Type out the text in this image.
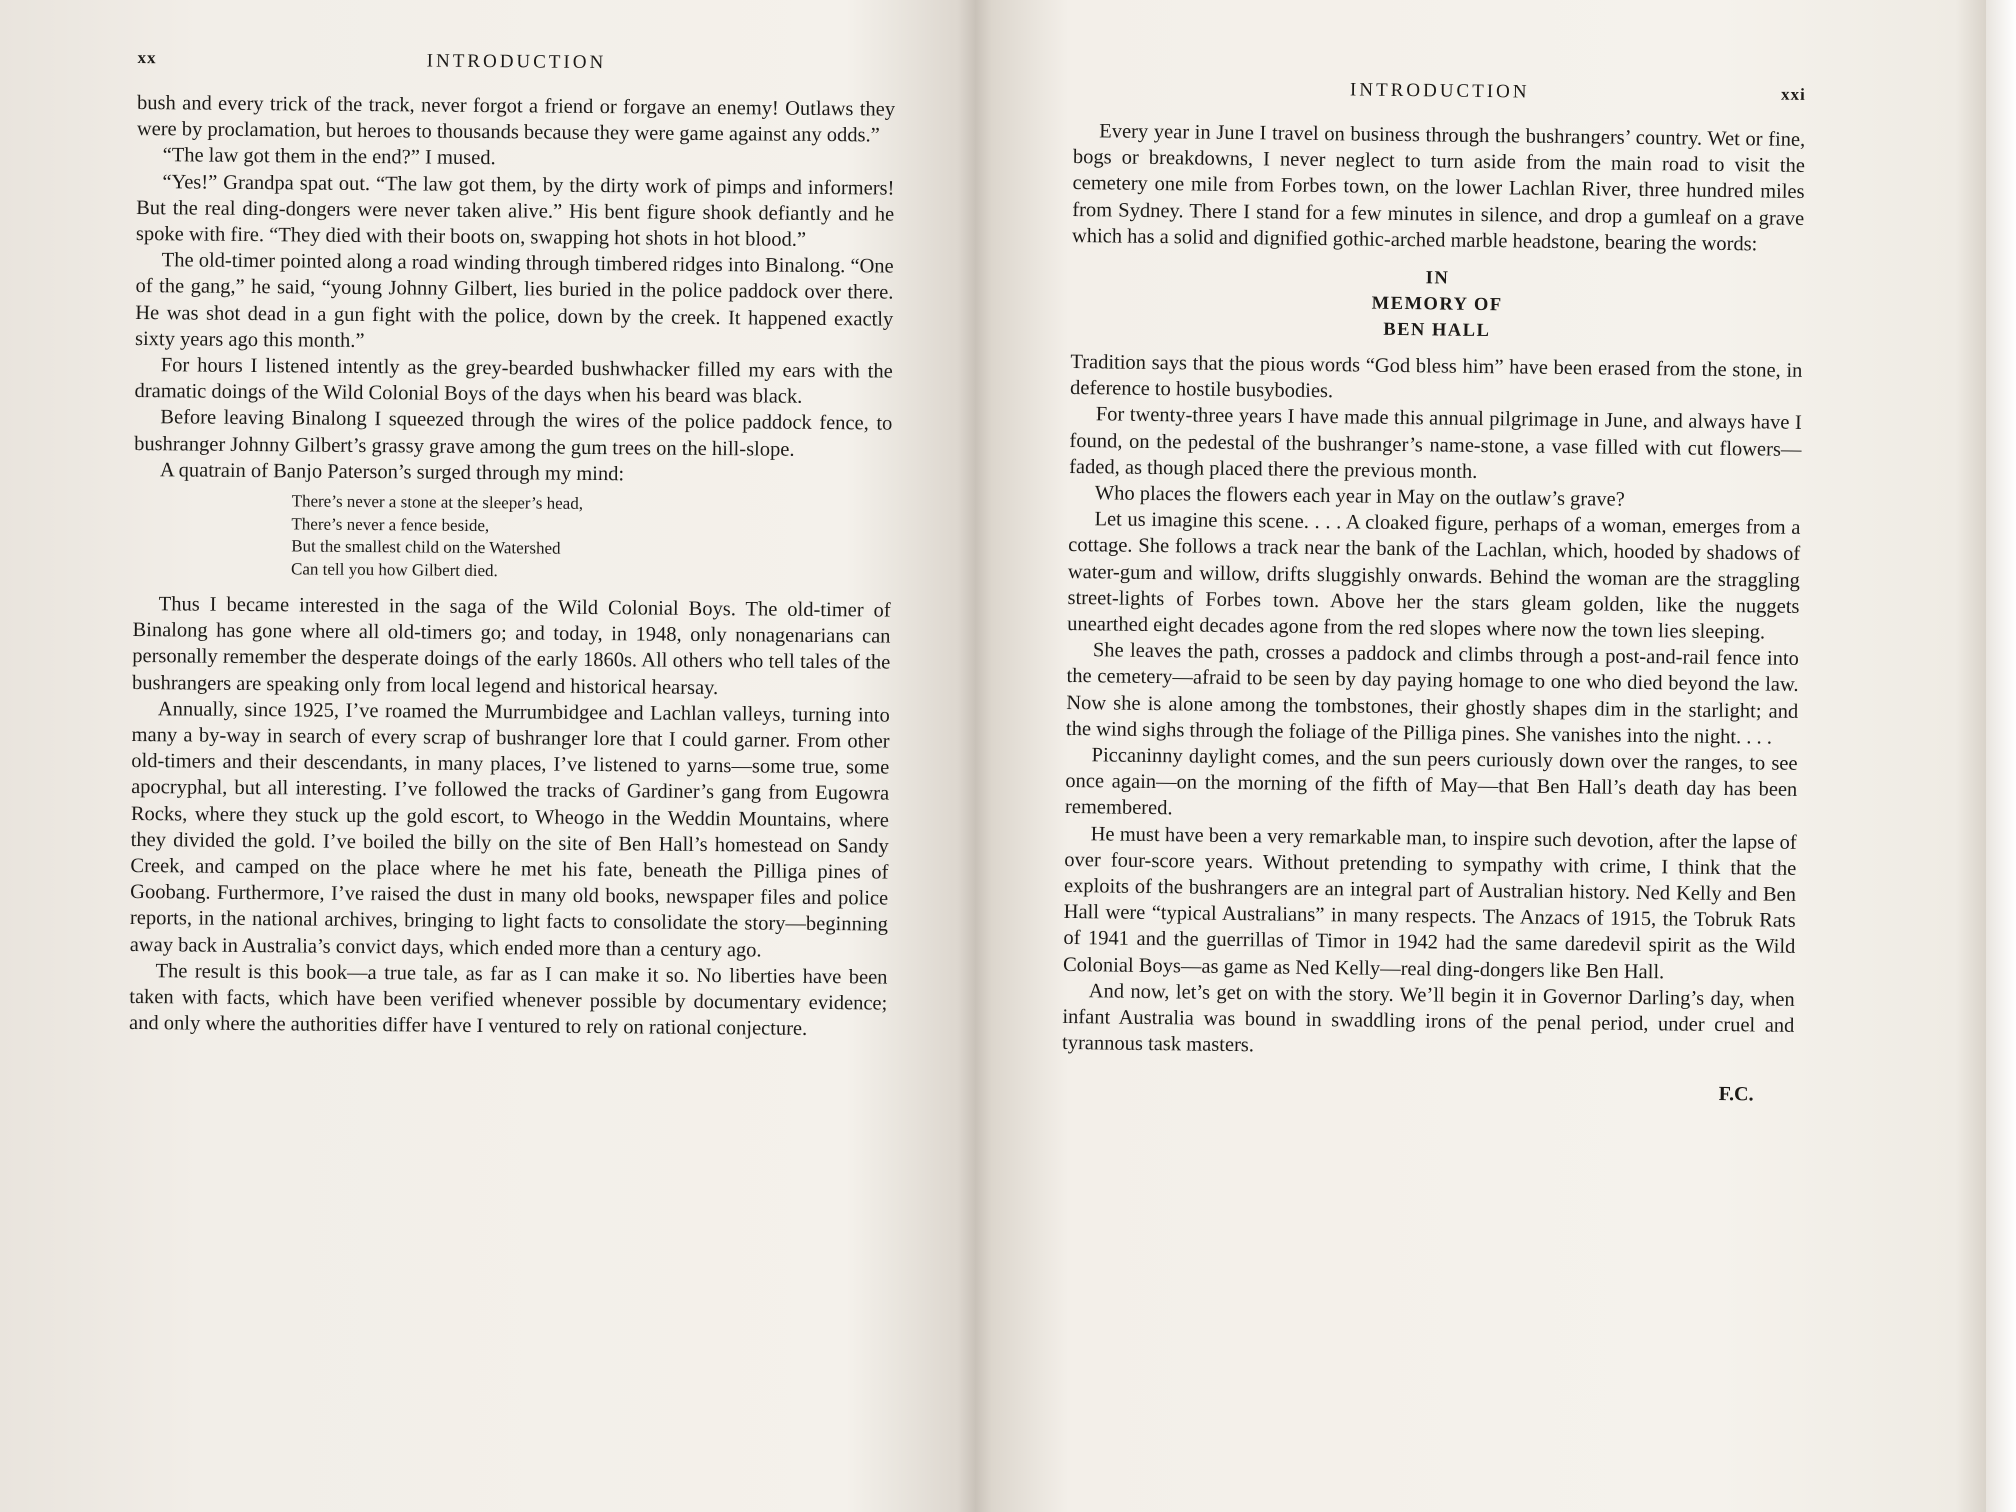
xx	INTRODUCTION

bush and every trick of the track, never forgot a friend or forgave an enemy! Outlaws they were by proclamation, but heroes to thousands because they were game against any odds.”

“The law got them in the end?” I mused.

“Yes!” Grandpa spat out. “The law got them, by the dirty work of pimps and informers! But the real ding-dongers were never taken alive.” His bent figure shook defiantly and he spoke with fire. “They died with their boots on, swapping hot shots in hot blood.”

The old-timer pointed along a road winding through timbered ridges into Binalong. “One of the gang,” he said, “young Johnny Gilbert, lies buried in the police paddock over there. He was shot dead in a gun fight with the police, down by the creek. It happened exactly sixty years ago this month.”

For hours I listened intently as the grey-bearded bushwhacker filled my ears with the dramatic doings of the Wild Colonial Boys of the days when his beard was black.

Before leaving Binalong I squeezed through the wires of the police paddock fence, to bushranger Johnny Gilbert’s grassy grave among the gum trees on the hill-slope.

A quatrain of Banjo Paterson’s surged through my mind:

There’s never a stone at the sleeper’s head,
There’s never a fence beside,
But the smallest child on the Watershed
Can tell you how Gilbert died.

Thus I became interested in the saga of the Wild Colonial Boys. The old-timer of Binalong has gone where all old-timers go; and today, in 1948, only nonagenarians can personally remember the desperate doings of the early 1860s. All others who tell tales of the bushrangers are speaking only from local legend and historical hearsay.

Annually, since 1925, I’ve roamed the Murrumbidgee and Lachlan valleys, turning into many a by-way in search of every scrap of bushranger lore that I could garner. From other old-timers and their descendants, in many places, I’ve listened to yarns—some true, some apocryphal, but all interesting. I’ve followed the tracks of Gardiner’s gang from Eugowra Rocks, where they stuck up the gold escort, to Wheogo in the Weddin Mountains, where they divided the gold. I’ve boiled the billy on the site of Ben Hall’s homestead on Sandy Creek, and camped on the place where he met his fate, beneath the Pilliga pines of Goobang. Furthermore, I’ve raised the dust in many old books, newspaper files and police reports, in the national archives, bringing to light facts to consolidate the story—beginning away back in Australia’s convict days, which ended more than a century ago.

The result is this book—a true tale, as far as I can make it so. No liberties have been taken with facts, which have been verified whenever possible by documentary evidence; and only where the authorities differ have I ventured to rely on rational conjecture.

INTRODUCTION	xxi

Every year in June I travel on business through the bushrangers’ country. Wet or fine, bogs or breakdowns, I never neglect to turn aside from the main road to visit the cemetery one mile from Forbes town, on the lower Lachlan River, three hundred miles from Sydney. There I stand for a few minutes in silence, and drop a gumleaf on a grave which has a solid and dignified gothic-arched marble headstone, bearing the words:

IN
MEMORY OF
BEN HALL

Tradition says that the pious words “God bless him” have been erased from the stone, in deference to hostile busybodies.

For twenty-three years I have made this annual pilgrimage in June, and always have I found, on the pedestal of the bushranger’s name-stone, a vase filled with cut flowers—faded, as though placed there the previous month.

Who places the flowers each year in May on the outlaw’s grave?

Let us imagine this scene. . . . A cloaked figure, perhaps of a woman, emerges from a cottage. She follows a track near the bank of the Lachlan, which, hooded by shadows of water-gum and willow, drifts sluggishly onwards. Behind the woman are the straggling street-lights of Forbes town. Above her the stars gleam golden, like the nuggets unearthed eight decades agone from the red slopes where now the town lies sleeping.

She leaves the path, crosses a paddock and climbs through a post-and-rail fence into the cemetery—afraid to be seen by day paying homage to one who died beyond the law. Now she is alone among the tombstones, their ghostly shapes dim in the starlight; and the wind sighs through the foliage of the Pilliga pines. She vanishes into the night. . . .

Piccaninny daylight comes, and the sun peers curiously down over the ranges, to see once again—on the morning of the fifth of May—that Ben Hall’s death day has been remembered.

He must have been a very remarkable man, to inspire such devotion, after the lapse of over four-score years. Without pretending to sympathy with crime, I think that the exploits of the bushrangers are an integral part of Australian history. Ned Kelly and Ben Hall were “typical Australians” in many respects. The Anzacs of 1915, the Tobruk Rats of 1941 and the guerrillas of Timor in 1942 had the same daredevil spirit as the Wild Colonial Boys—as game as Ned Kelly—real ding-dongers like Ben Hall.

And now, let’s get on with the story. We’ll begin it in Governor Darling’s day, when infant Australia was bound in swaddling irons of the penal period, under cruel and tyrannous task masters.

F.C.
